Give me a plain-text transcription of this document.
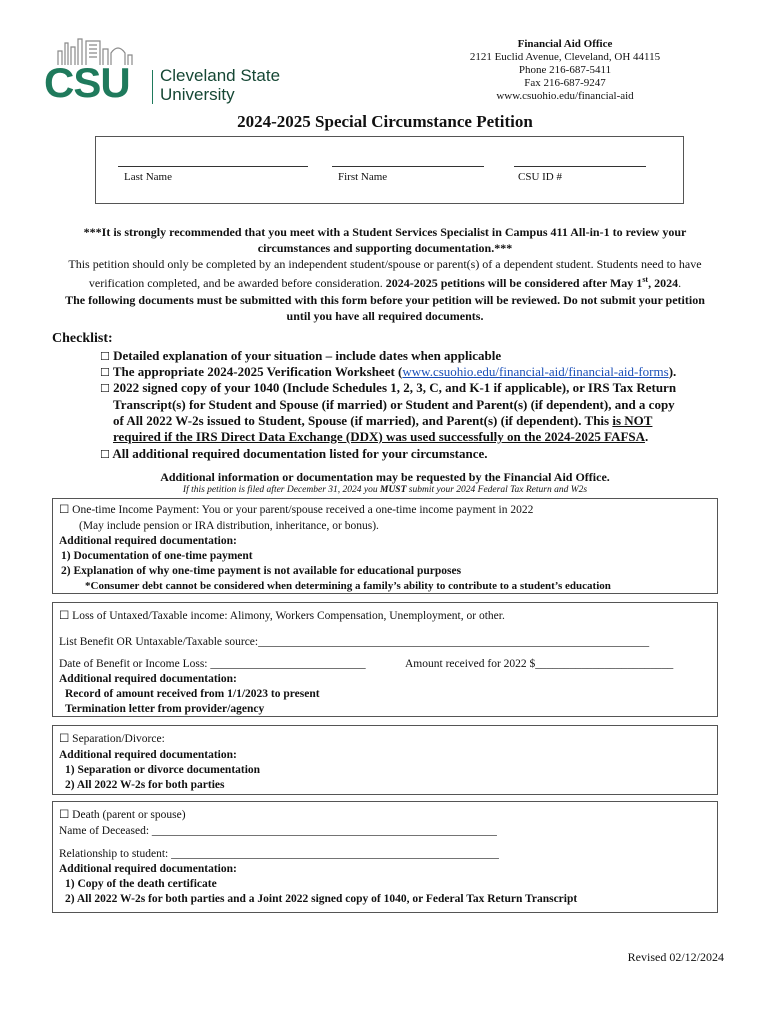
CSU Cleveland State
University
Financial Aid Office
2121 Euclid Avenue, Cleveland, OH 44115
Phone 216-687-5411
Fax 216-687-9247
www.csuohio.edu/financial-aid
2024-2025 Special Circumstance Petition
Last Name	First Name	CSU ID #
***It is strongly recommended that you meet with a Student Services Specialist in Campus 411 All-in-1 to review your
circumstances and supporting documentation.***
This petition should only be completed by an independent student/spouse or parent(s) of a dependent student. Students need to have
verification completed, and be awarded before consideration. 2024-2025 petitions will be considered after May 1st, 2024.
The following documents must be submitted with this form before your petition will be reviewed. Do not submit your petition
until you have all required documents.
Checklist:
☐ Detailed explanation of your situation – include dates when applicable
☐ The appropriate 2024-2025 Verification Worksheet (www.csuohio.edu/financial-aid/financial-aid-forms).
☐ 2022 signed copy of your 1040 (Include Schedules 1, 2, 3, C, and K-1 if applicable), or IRS Tax Return
Transcript(s) for Student and Spouse (if married) or Student and Parent(s) (if dependent), and a copy
of All 2022 W-2s issued to Student, Spouse (if married), and Parent(s) (if dependent). This is NOT
required if the IRS Direct Data Exchange (DDX) was used successfully on the 2024-2025 FAFSA.
☐ All additional required documentation listed for your circumstance.
Additional information or documentation may be requested by the Financial Aid Office.
If this petition is filed after December 31, 2024 you MUST submit your 2024 Federal Tax Return and W2s
☐ One-time Income Payment: You or your parent/spouse received a one-time income payment in 2022
(May include pension or IRA distribution, inheritance, or bonus).
Additional required documentation:
1) Documentation of one-time payment
2) Explanation of why one-time payment is not available for educational purposes
*Consumer debt cannot be considered when determining a family’s ability to contribute to a student’s education
☐ Loss of Untaxed/Taxable income: Alimony, Workers Compensation, Unemployment, or other.
List Benefit OR Untaxable/Taxable source:____________________________________________________________________
Date of Benefit or Income Loss: ___________________________	Amount received for 2022 $________________________
Additional required documentation:
Record of amount received from 1/1/2023 to present
Termination letter from provider/agency
☐ Separation/Divorce:
Additional required documentation:
1) Separation or divorce documentation
2) All 2022 W-2s for both parties
☐ Death (parent or spouse)
Name of Deceased: ____________________________________________________________
Relationship to student: _________________________________________________________
Additional required documentation:
1) Copy of the death certificate
2) All 2022 W-2s for both parties and a Joint 2022 signed copy of 1040, or Federal Tax Return Transcript
Revised 02/12/2024
